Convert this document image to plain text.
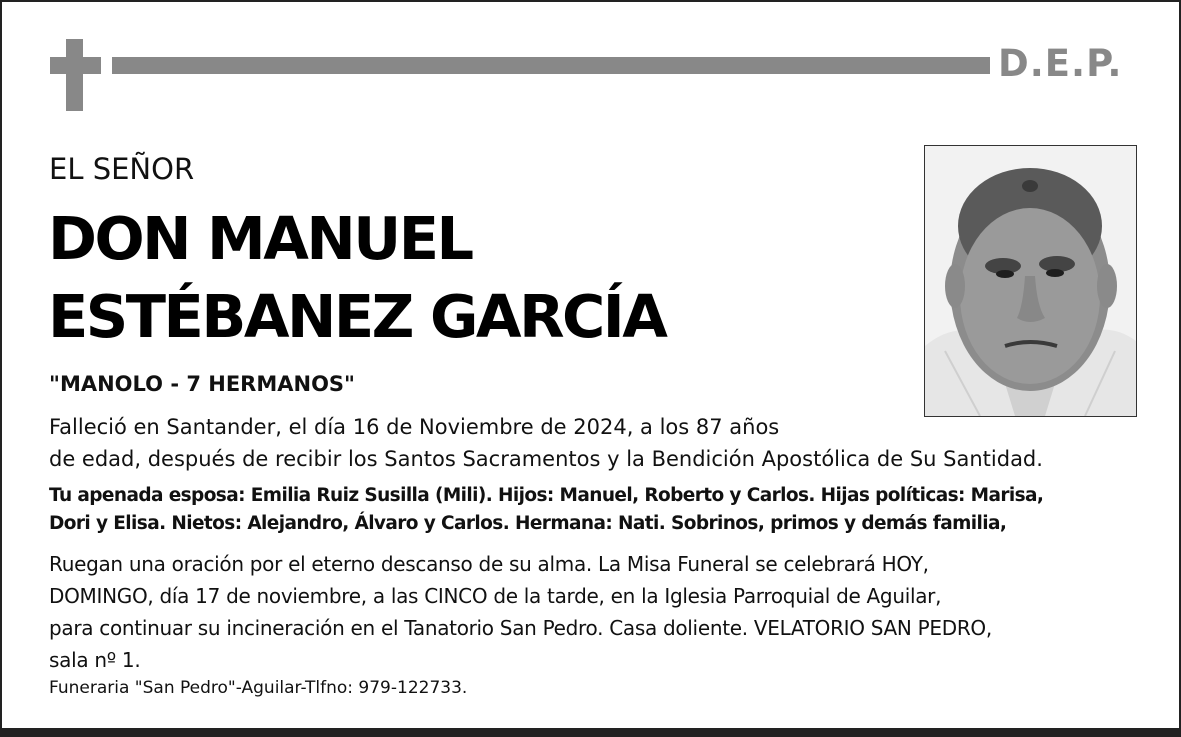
D.E.P.
EL SEÑOR
DON MANUEL
ESTÉBANEZ GARCÍA
"MANOLO - 7 HERMANOS"
Falleció en Santander, el día 16 de Noviembre de 2024, a los 87 años
de edad, después de recibir los Santos Sacramentos y la Bendición Apostólica de Su Santidad.
Tu apenada esposa: Emilia Ruiz Susilla (Mili). Hijos: Manuel, Roberto y Carlos. Hijas políticas: Marisa,
Dori y Elisa. Nietos: Alejandro, Álvaro y Carlos. Hermana: Nati. Sobrinos, primos y demás familia,
Ruegan una oración por el eterno descanso de su alma. La Misa Funeral se celebrará HOY,
DOMINGO, día 17 de noviembre, a las CINCO de la tarde, en la Iglesia Parroquial de Aguilar,
para continuar su incineración en el Tanatorio San Pedro. Casa doliente. VELATORIO SAN PEDRO,
sala nº 1.
Funeraria "San Pedro"-Aguilar-Tlfno: 979-122733.
